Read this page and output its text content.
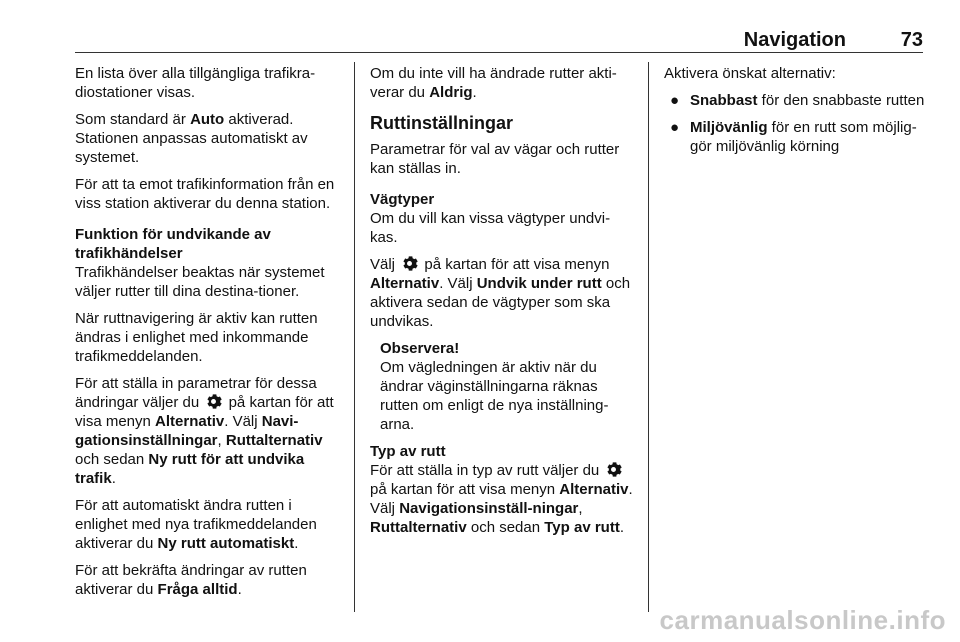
Navigation	73

En lista över alla tillgängliga trafikra-diostationer visas.

Som standard är Auto aktiverad. Stationen anpassas automatiskt av systemet.

För att ta emot trafikinformation från en viss station aktiverar du denna station.

Funktion för undvikande av trafikhändelser

Trafikhändelser beaktas när systemet väljer rutter till dina destina-tioner.

När ruttnavigering är aktiv kan rutten ändras i enlighet med inkommande trafikmeddelanden.

För att ställa in parametrar för dessa ändringar väljer du  på kartan för att visa menyn Alternativ. Välj Navi-gationsinställningar, Ruttalternativ och sedan Ny rutt för att undvika trafik.

För att automatiskt ändra rutten i enlighet med nya trafikmeddelanden aktiverar du Ny rutt automatiskt.

För att bekräfta ändringar av rutten aktiverar du Fråga alltid.

Om du inte vill ha ändrade rutter akti-verar du Aldrig.

Ruttinställningar

Parametrar för val av vägar och rutter kan ställas in.

Vägtyper

Om du vill kan vissa vägtyper undvi-kas.

Välj  på kartan för att visa menyn Alternativ. Välj Undvik under rutt och aktivera sedan de vägtyper som ska undvikas.

Observera!

Om vägledningen är aktiv när du ändrar väginställningarna räknas rutten om enligt de nya inställning-arna.

Typ av rutt

För att ställa in typ av rutt väljer du  på kartan för att visa menyn Alternativ. Välj Navigationsinställ-ningar, Ruttalternativ och sedan Typ av rutt.

Aktivera önskat alternativ:

● Snabbast för den snabbaste rutten
● Miljövänlig för en rutt som möjlig-gör miljövänlig körning
carmanualsonline.info
